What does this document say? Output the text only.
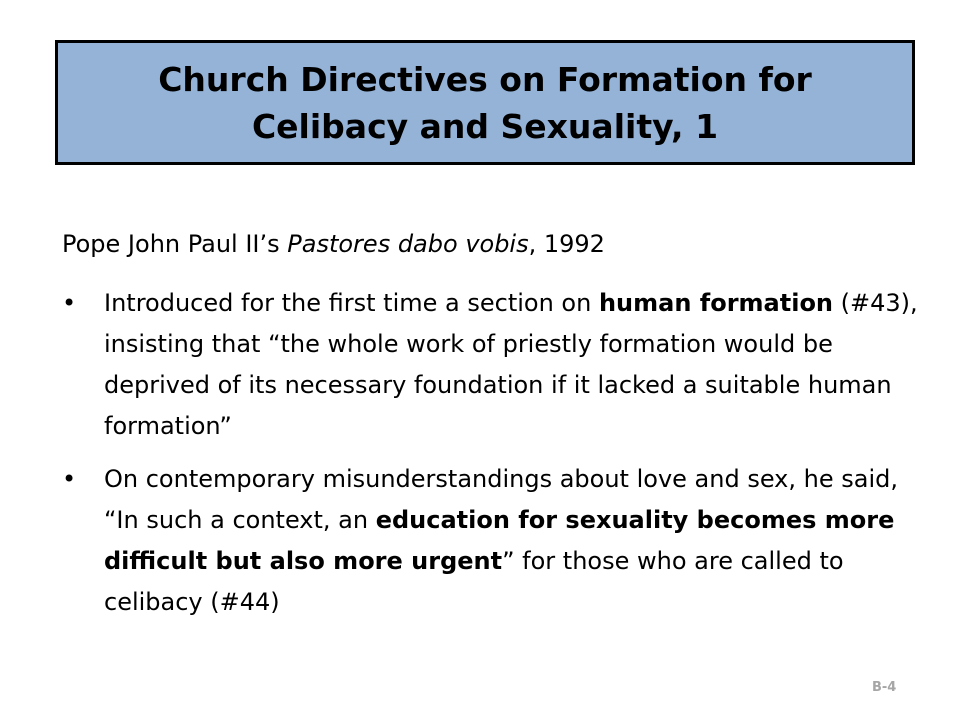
Church Directives on Formation for
Celibacy and Sexuality, 1

Pope John Paul II’s Pastores dabo vobis, 1992

• Introduced for the first time a section on human formation (#43), insisting that “the whole work of priestly formation would be deprived of its necessary foundation if it lacked a suitable human formation”
• On contemporary misunderstandings about love and sex, he said, “In such a context, an education for sexuality becomes more difficult but also more urgent” for those who are called to celibacy (#44)
B-4
